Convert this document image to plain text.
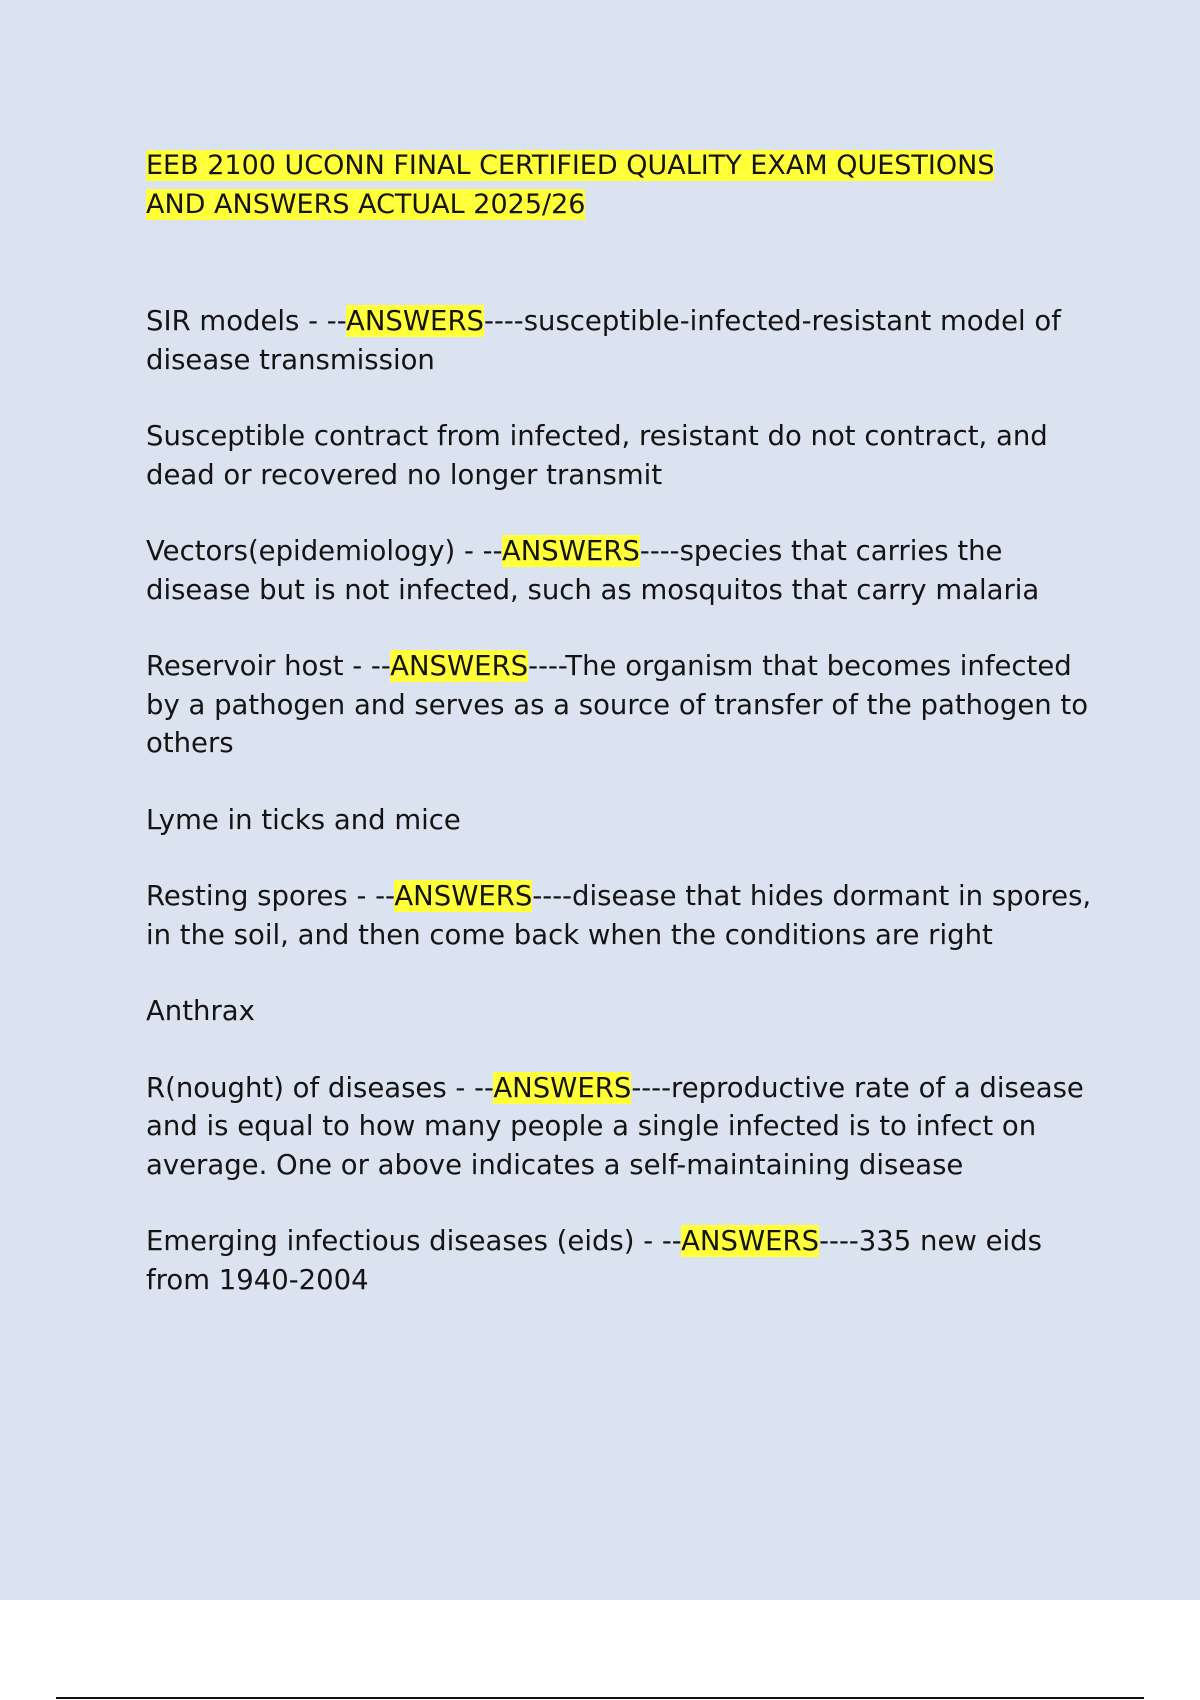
EEB 2100 UCONN FINAL CERTIFIED QUALITY EXAM QUESTIONS
AND ANSWERS ACTUAL 2025/26

SIR models - --ANSWERS----susceptible-infected-resistant model of disease transmission

Susceptible contract from infected, resistant do not contract, and dead or recovered no longer transmit

Vectors(epidemiology) - --ANSWERS----species that carries the disease but is not infected, such as mosquitos that carry malaria

Reservoir host - --ANSWERS----The organism that becomes infected by a pathogen and serves as a source of transfer of the pathogen to others

Lyme in ticks and mice

Resting spores - --ANSWERS----disease that hides dormant in spores, in the soil, and then come back when the conditions are right

Anthrax

R(nought) of diseases - --ANSWERS----reproductive rate of a disease and is equal to how many people a single infected is to infect on average. One or above indicates a self-maintaining disease

Emerging infectious diseases (eids) - --ANSWERS----335 new eids from 1940-2004
